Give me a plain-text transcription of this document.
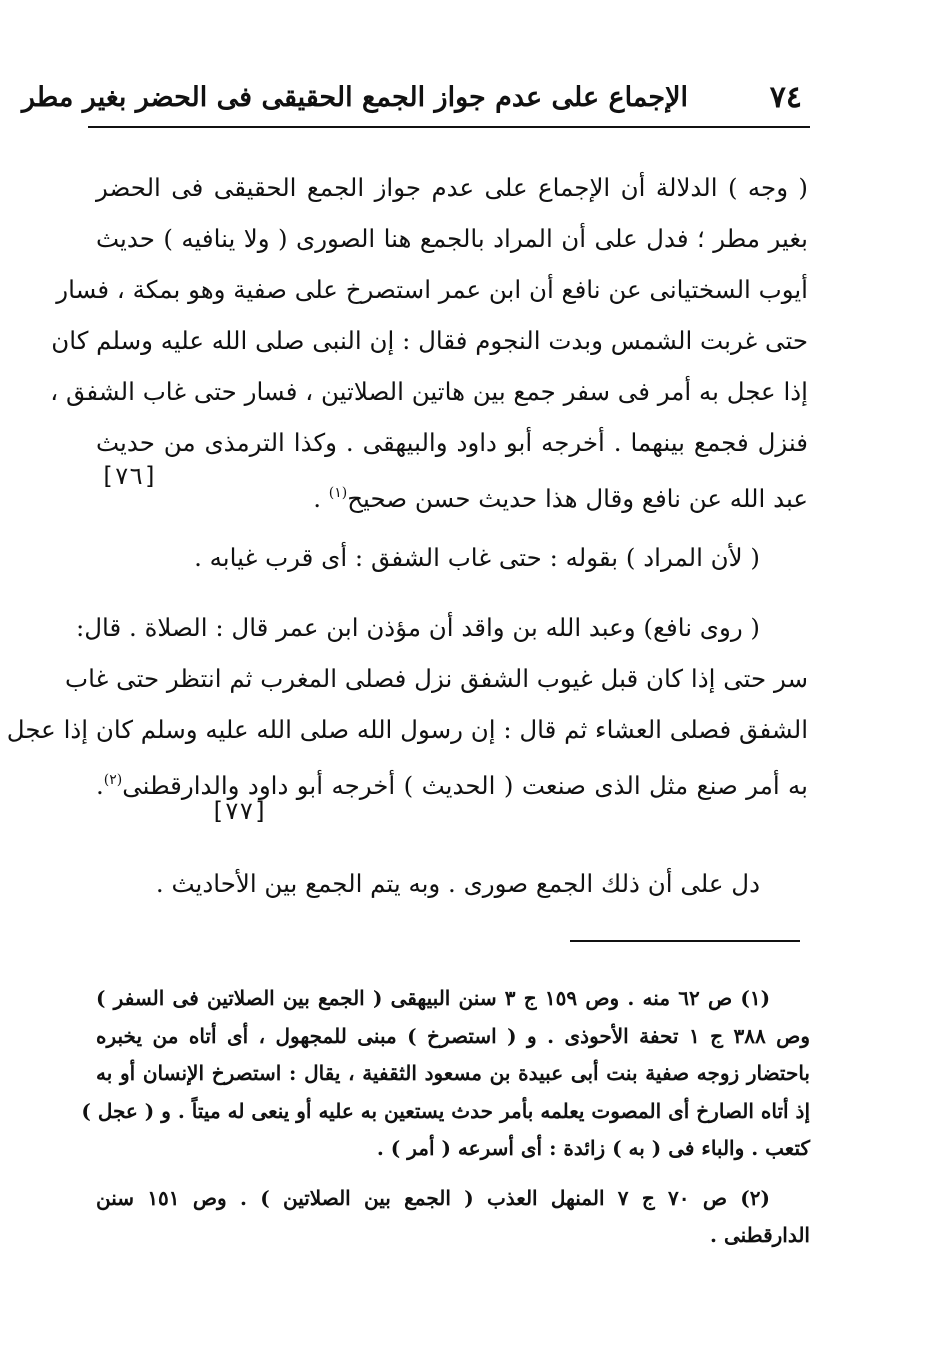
٧٤
الإجماع على عدم جواز الجمع الحقيقى فى الحضر بغير مطر
( وجه ) الدلالة أن الإجماع على عدم جواز الجمع الحقيقى فى الحضر
بغير مطر ؛ فدل على أن المراد بالجمع هنا الصورى ( ولا ينافيه ) حديث
أيوب السختيانى عن نافع أن ابن عمر استصرخ على صفية وهو بمكة ، فسار
حتى غربت الشمس وبدت النجوم فقال : إن النبى صلى الله عليه وسلم كان
إذا عجل به أمر فى سفر جمع بين هاتين الصلاتين ، فسار حتى غاب الشفق ،
فنزل فجمع بينهما . أخرجه أبو داود والبيهقى . وكذا الترمذى من حديث
عبد الله عن نافع وقال هذا حديث حسن صحيح$^{(١)}$ .
[٧٦]
( لأن المراد ) بقوله : حتى غاب الشفق : أى قرب غيابه .
( روى نافع) وعبد الله بن واقد أن مؤذن ابن عمر قال : الصلاة . قال:
سر حتى إذا كان قبل غيوب الشفق نزل فصلى المغرب ثم انتظر حتى غاب
الشفق فصلى العشاء ثم قال : إن رسول الله صلى الله عليه وسلم كان إذا عجل
به أمر صنع مثل الذى صنعت ( الحديث ) أخرجه أبو داود والدارقطنى$^{(٢)}$.
[٧٧]
دل على أن ذلك الجمع صورى . وبه يتم الجمع بين الأحاديث .
(١) ص ٦٢ منه . وص ١٥٩ ج ٣ سنن البيهقى ( الجمع بين الصلاتين فى السفر )
وص ٣٨٨ ج ١ تحفة الأحوذى . و ( استصرخ ) مبنى للمجهول ، أى أتاه من يخبره
باحتضار زوجه صفية بنت أبى عبيدة بن مسعود الثقفية ، يقال : استصرخ الإنسان أو به
إذ أتاه الصارخ أى المصوت يعلمه بأمر حدث يستعين به عليه أو ينعى له ميتاً . و ( عجل )
كتعب . والباء فى ( به ) زائدة : أى أسرعه ( أمر ) .
(٢) ص ٧٠ ج ٧ المنهل العذب ( الجمع بين الصلاتين ) . وص ١٥١ سنن
الدارقطنى .
